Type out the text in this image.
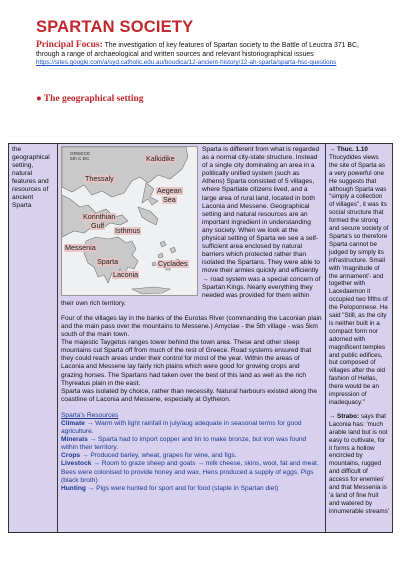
SPARTAN SOCIETY
Principal Focus: The investigation of key features of Spartan society to the Battle of Leuctra 371 BC, through a range of archaeological and written sources and relevant historiographical issues
https://sites.google.com/a/syd.catholic.edu.au/boudica/12-ancient-history/12-ah-sparta/sparta-hsc-questions
● The geographical setting
the geographical setting, natural features and resources of ancient Sparta	
GREECE
5th C BC
Thessaly
Kalkidike
Aegean
Sea
Korinthian
Gulf
Isthmus
Messenia
Sparta
Laconia
Cyclades
Sparta is different from what is regarded as a normal city-state structure. Instead of a single city dominating an area in a politically unified system (such as Athens) Sparta consisted of 5 villages, where Spartiate citizens lived, and a large area of rural land, located in both Laconia and Messene. Geographical setting and natural resources are an important ingredient in understanding any society. When we look at the physical setting of Sparta we see a self-sufficient area enclosed by natural barriers which protected rather than isolated the Spartans. They were able to move their armies quickly and efficiently → road system was a special concern of Spartan Kings. Nearly everything they needed was provided for them within their own rich territory.
Four of the villages lay in the banks of the Eurotas River (commanding the Laconian plain and the main pass over the mountains to Messene.) Amyclae - the 5th village - was 5km south of the main town.
The majestic Taygetus ranges tower behind the town area. These and other steep mountains cut Sparta off from much of the rest of Greece. Road systems ensured that they could reach areas under their control for most of the year. Within the areas of Laconia and Messene lay fairly rich plains which were good for growing crops and grazing horses. The Spartans had taken over the best of this land as well as the rich Thyreatus plain in the east.
Sparta was isolated by choice, rather than necessity. Natural harbours existed along the coastline of Laconia and Messene, especially at Gytheion.
Sparta's Resources
Climate → Warm with light rainfall in july/aug adequate in seasonal terms for good agriculture.
Minerals → Sparta had to import copper and tin to make bronze, but iron was found within their territory.
Crops → Produced barley, wheat, grapes for wine, and figs.
Livestock → Room to graze sheep and goats → milk cheese, skins, wool, fat and meat. Bees were colonised to provide honey and wax. Hens produced a supply of eggs. Pigs (black broth)
Hunting → Pigs were hunted for sport and for food (staple in Spartan diet)
	→ Thuc. 1.10
Thucydides views the site of Sparta as a very powerful one He suggests that although Sparta was "simply a collection of villages", it was its social structure that formed the strong and secure society of Sparta's so therefore Sparta cannot be judged by simply its infrastructure. Small with 'magnitude of the armament'- and together with Lacedaemon it occupied two fifths of the Peloponnese. He said "Still, as the city is neither built in a compact form nor adorned with magnificent temples and public edifices, but composed of villages after the old fashion of Hellas, there would be an impression of inadequacy."
→ Strabo: says that Laconia has: 'much arable land but is not easy to cultivate, for it forms a hollow encircled by mountains, rugged and difficult of access for enemies' and that Messenia is 'a land of fine fruit and watered by innumerable streams'
